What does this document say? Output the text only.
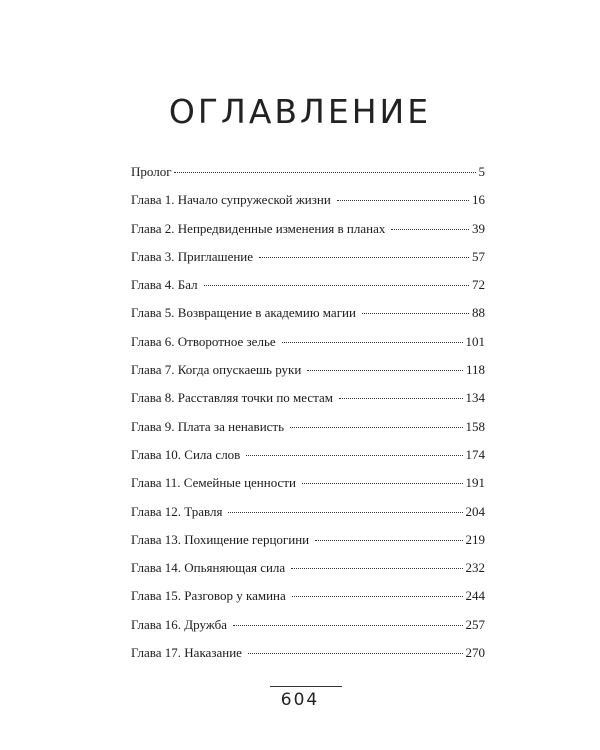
ОГЛАВЛЕНИЕ
Пролог	5
Глава 1. Начало супружеской жизни	16
Глава 2. Непредвиденные изменения в планах	39
Глава 3. Приглашение	57
Глава 4. Бал	72
Глава 5. Возвращение в академию магии	88
Глава 6. Отворотное зелье	101
Глава 7. Когда опускаешь руки	118
Глава 8. Расставляя точки по местам	134
Глава 9. Плата за ненависть	158
Глава 10. Сила слов	174
Глава 11. Семейные ценности	191
Глава 12. Травля	204
Глава 13. Похищение герцогини	219
Глава 14. Опьяняющая сила	232
Глава 15. Разговор у камина	244
Глава 16. Дружба	257
Глава 17. Наказание	270
604
